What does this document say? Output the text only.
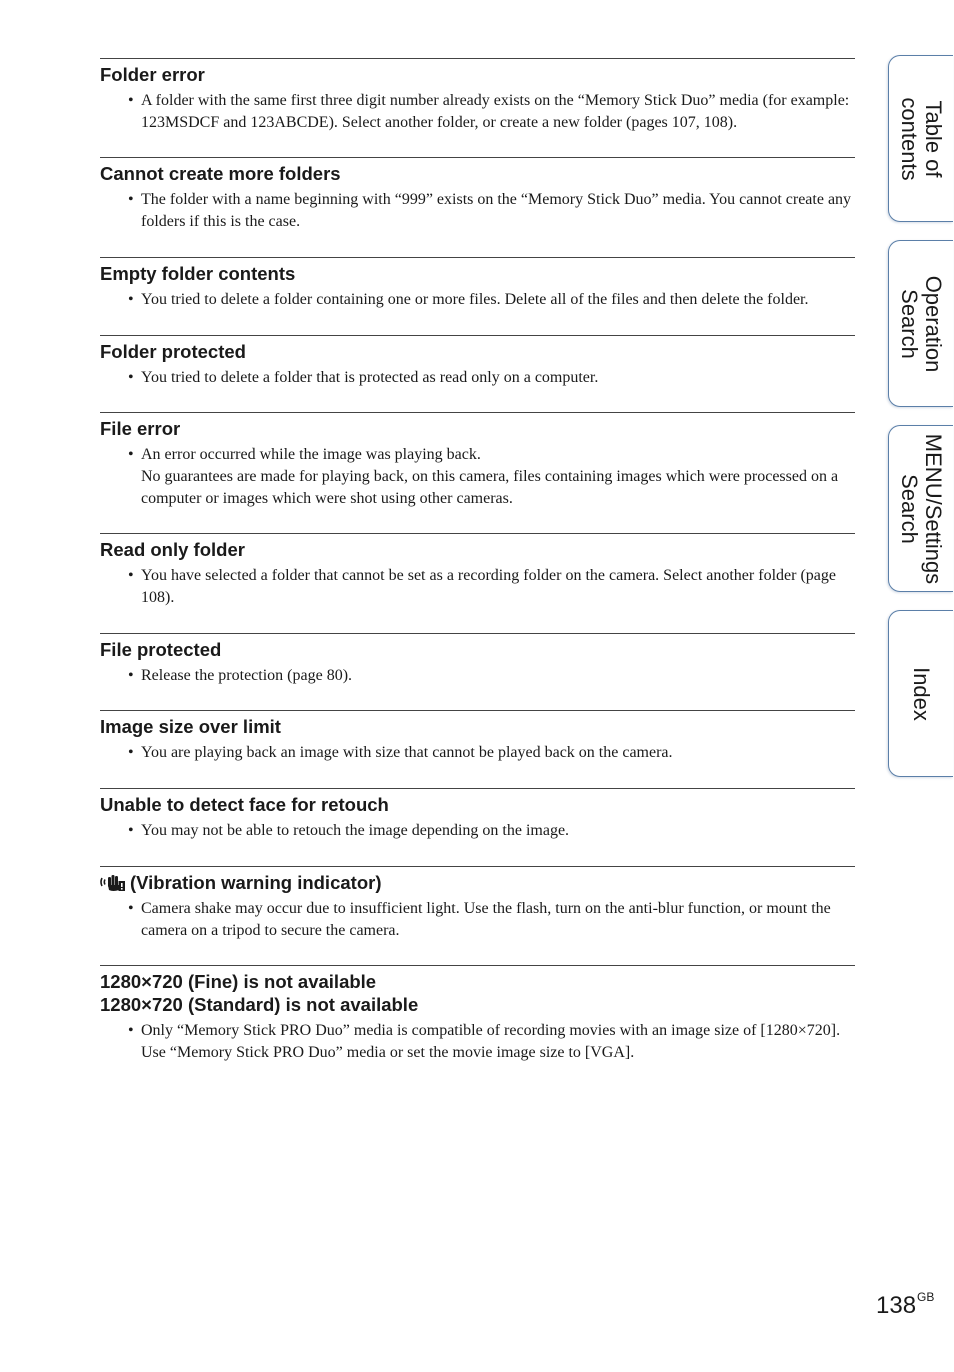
Folder error
• A folder with the same first three digit number already exists on the “Memory Stick Duo” media (for example: 123MSDCF and 123ABCDE). Select another folder, or create a new folder (pages 107, 108).
Cannot create more folders
• The folder with a name beginning with “999” exists on the “Memory Stick Duo” media. You cannot create any folders if this is the case.
Empty folder contents
• You tried to delete a folder containing one or more files. Delete all of the files and then delete the folder.
Folder protected
• You tried to delete a folder that is protected as read only on a computer.
File error
• An error occurred while the image was playing back.
No guarantees are made for playing back, on this camera, files containing images which were processed on a computer or images which were shot using other cameras.
Read only folder
• You have selected a folder that cannot be set as a recording folder on the camera. Select another folder (page 108).
File protected
• Release the protection (page 80).
Image size over limit
• You are playing back an image with size that cannot be played back on the camera.
Unable to detect face for retouch
• You may not be able to retouch the image depending on the image.
(Vibration warning indicator)
• Camera shake may occur due to insufficient light. Use the flash, turn on the anti-blur function, or mount the camera on a tripod to secure the camera.
1280×720 (Fine) is not available
1280×720 (Standard) is not available
• Only “Memory Stick PRO Duo” media is compatible of recording movies with an image size of [1280×720]. Use “Memory Stick PRO Duo” media or set the movie image size to [VGA].
Table of
contents
Operation
Search
MENU/Settings
Search
Index
$138^{GB}$
